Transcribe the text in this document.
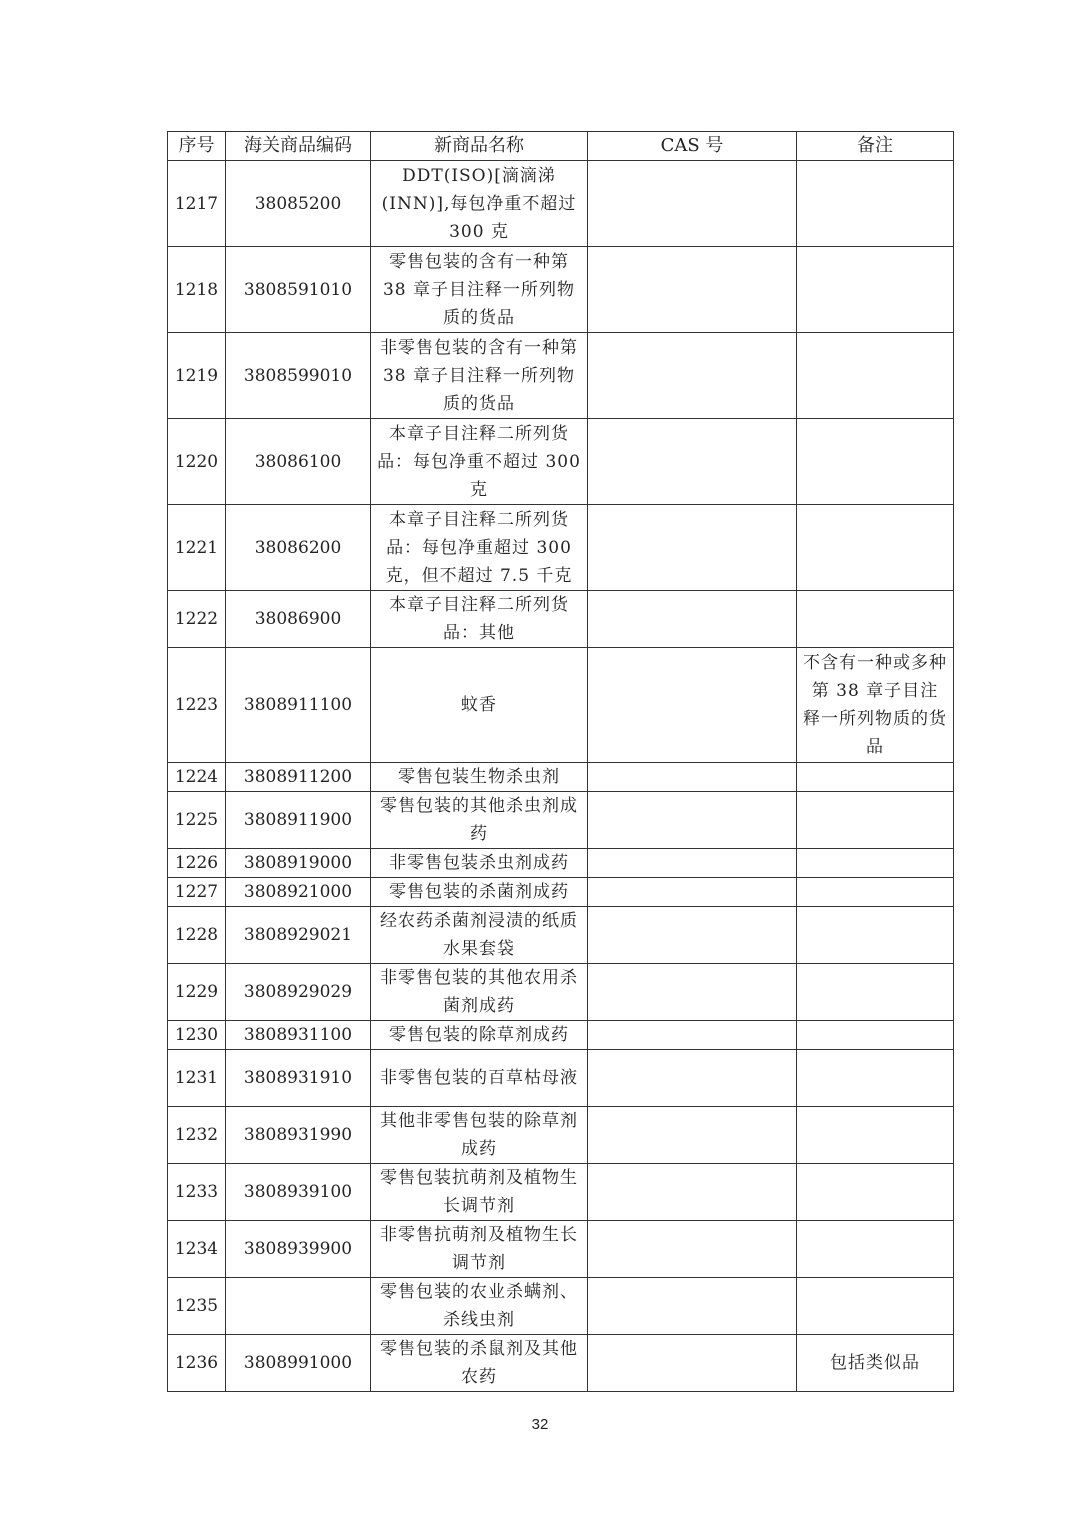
序号	海关商品编码	新商品名称	CAS 号	备注
1217	38085200	DDT(ISO)[滴滴涕(INN)],每包净重不超过 300 克		
1218	3808591010	零售包装的含有一种第 38 章子目注释一所列物质的货品		
1219	3808599010	非零售包装的含有一种第 38 章子目注释一所列物质的货品		
1220	38086100	本章子目注释二所列货品：每包净重不超过 300 克		
1221	38086200	本章子目注释二所列货品：每包净重超过 300 克，但不超过 7.5 千克		
1222	38086900	本章子目注释二所列货品：其他		
1223	3808911100	蚊香		不含有一种或多种第 38 章子目注释一所列物质的货品
1224	3808911200	零售包装生物杀虫剂		
1225	3808911900	零售包装的其他杀虫剂成药		
1226	3808919000	非零售包装杀虫剂成药		
1227	3808921000	零售包装的杀菌剂成药		
1228	3808929021	经农药杀菌剂浸渍的纸质水果套袋		
1229	3808929029	非零售包装的其他农用杀菌剂成药		
1230	3808931100	零售包装的除草剂成药		
1231	3808931910	非零售包装的百草枯母液		
1232	3808931990	其他非零售包装的除草剂成药		
1233	3808939100	零售包装抗萌剂及植物生长调节剂		
1234	3808939900	非零售抗萌剂及植物生长调节剂		
1235		零售包装的农业杀螨剂、杀线虫剂		
1236	3808991000	零售包装的杀鼠剂及其他农药		包括类似品
32
